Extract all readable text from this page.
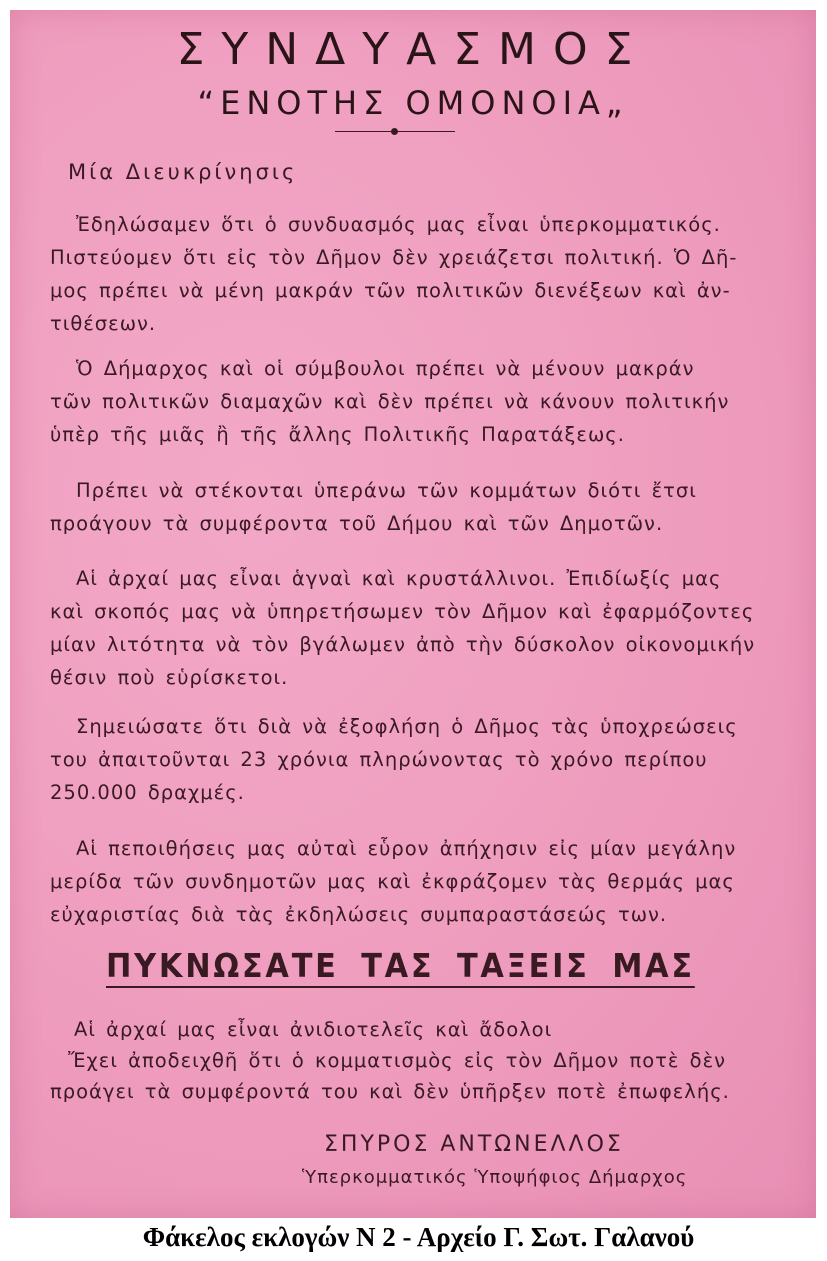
ΣΥΝΔΥΑΣΜΟΣ
“ΕΝΟΤΗΣ ΟΜΟΝΟΙΑ„
Μία Διευκρίνησις
Ἐδηλώσαμεν ὅτι ὁ συνδυασμός μας εἶναι ὑπερκομματικός.
Πιστεύομεν ὅτι εἰς τὸν Δῆμον δὲν χρειάζετσι πολιτική. Ὁ Δῆ-
μος πρέπει νὰ μένη μακράν τῶν πολιτικῶν διενέξεων καὶ ἀν-
τιθέσεων.
Ὁ Δήμαρχος καὶ οἱ σύμβουλοι πρέπει νὰ μένουν μακράν
τῶν πολιτικῶν διαμαχῶν καὶ δὲν πρέπει νὰ κάνουν πολιτικήν
ὑπὲρ τῆς μιᾶς ἢ τῆς ἄλλης Πολιτικῆς Παρατάξεως.
Πρέπει νὰ στέκονται ὑπεράνω τῶν κομμάτων διότι ἔτσι
προάγουν τὰ συμφέροντα τοῦ Δήμου καὶ τῶν Δημοτῶν.
Αἱ ἀρχαί μας εἶναι ἁγναὶ καὶ κρυστάλλινοι. Ἐπιδίωξίς μας
καὶ σκοπός μας νὰ ὑπηρετήσωμεν τὸν Δῆμον καὶ ἐφαρμόζοντες
μίαν λιτότητα νὰ τὸν βγάλωμεν ἀπὸ τὴν δύσκολον οἰκονομικήν
θέσιν ποὺ εὑρίσκετοι.
Σημειώσατε ὅτι διὰ νὰ ἐξοφλήση ὁ Δῆμος τὰς ὑποχρεώσεις
του ἀπαιτοῦνται 23 χρόνια πληρώνοντας τὸ χρόνο περίπου
250.000 δραχμές.
Αἱ πεποιθήσεις μας αὐταὶ εὗρον ἀπήχησιν εἰς μίαν μεγάλην
μερίδα τῶν συνδημοτῶν μας καὶ ἐκφράζομεν τὰς θερμάς μας
εὐχαριστίας διὰ τὰς ἐκδηλώσεις συμπαραστάσεώς των.
ΠΥΚΝΩΣΑΤΕ ΤΑΣ ΤΑΞΕΙΣ ΜΑΣ
Αἱ ἀρχαί μας εἶναι ἀνιδιοτελεῖς καὶ ἄδολοι
Ἔχει ἀποδειχθῆ ὅτι ὁ κομματισμὸς εἰς τὸν Δῆμον ποτὲ δὲν
προάγει τὰ συμφέροντά του καὶ δὲν ὑπῆρξεν ποτὲ ἐπωφελής.
ΣΠΥΡΟΣ ΑΝΤΩΝΕΛΛΟΣ
Ὑπερκομματικός Ὑποψήφιος Δήμαρχος
Φάκελος εκλογών Ν 2 - Αρχείο Γ. Σωτ. Γαλανού
